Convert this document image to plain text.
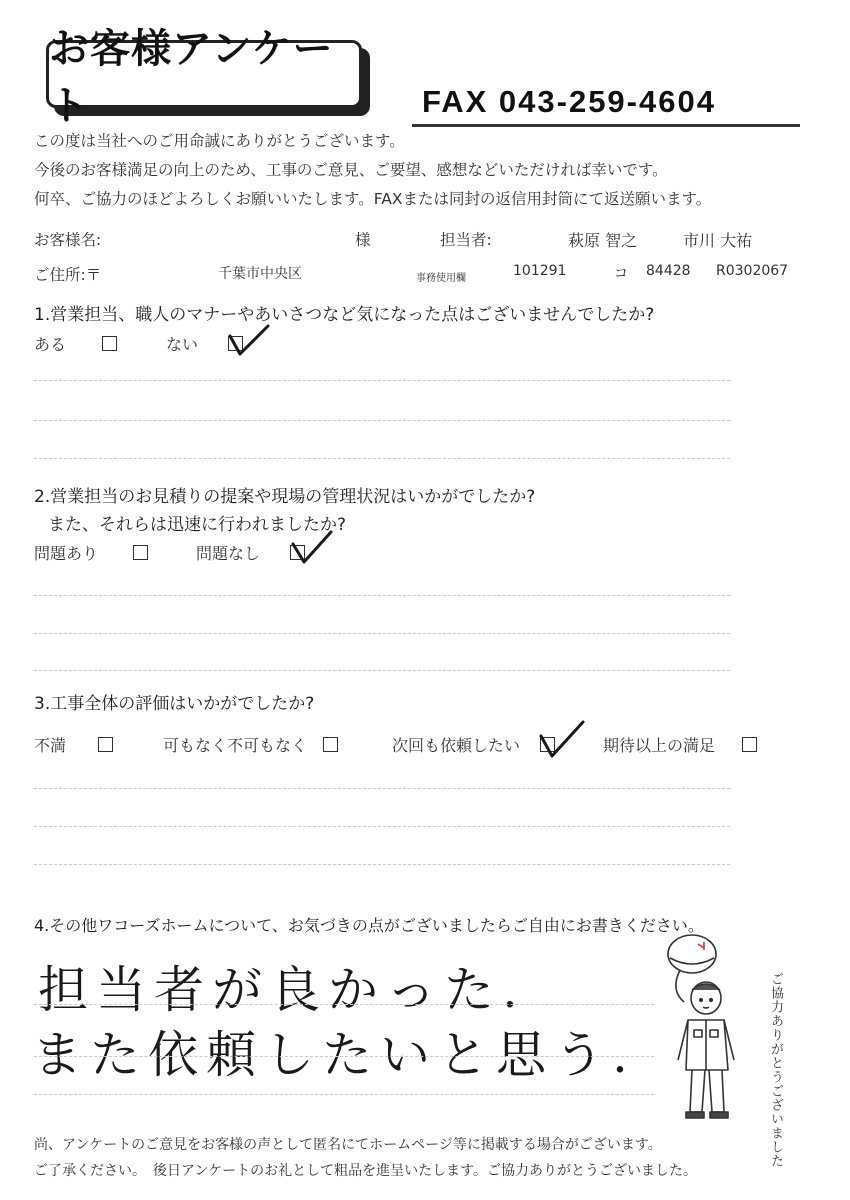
お客様アンケート	FAX 043-259-4604
この度は当社へのご用命誠にありがとうございます。
今後のお客様満足の向上のため、工事のご意見、ご要望、感想などいただければ幸いです。
何卒、ご協力のほどよろしくお願いいたします。FAXまたは同封の返信用封筒にて返送願います。
お客様名:	様	担当者:	萩原 智之	市川 大祐
ご住所:〒	千葉市中央区	事務使用欄	101291	コ 84428 R0302067
1.営業担当、職人のマナーやあいさつなど気になった点はございませんでしたか?
ある	ない
2.営業担当のお見積りの提案や現場の管理状況はいかがでしたか?
また、それらは迅速に行われましたか?
問題あり	問題なし
3.工事全体の評価はいかがでしたか?
不満	可もなく不可もなく	次回も依頼したい	期待以上の満足
4.その他ワコーズホームについて、お気づきの点がございましたらご自由にお書きください。
担当者が良かった.
また依頼したいと思う.	ご協力ありがとうございました
尚、アンケートのご意見をお客様の声として匿名にてホームページ等に掲載する場合がございます。
ご了承ください。　後日アンケートのお礼として粗品を進呈いたします。ご協力ありがとうございました。
